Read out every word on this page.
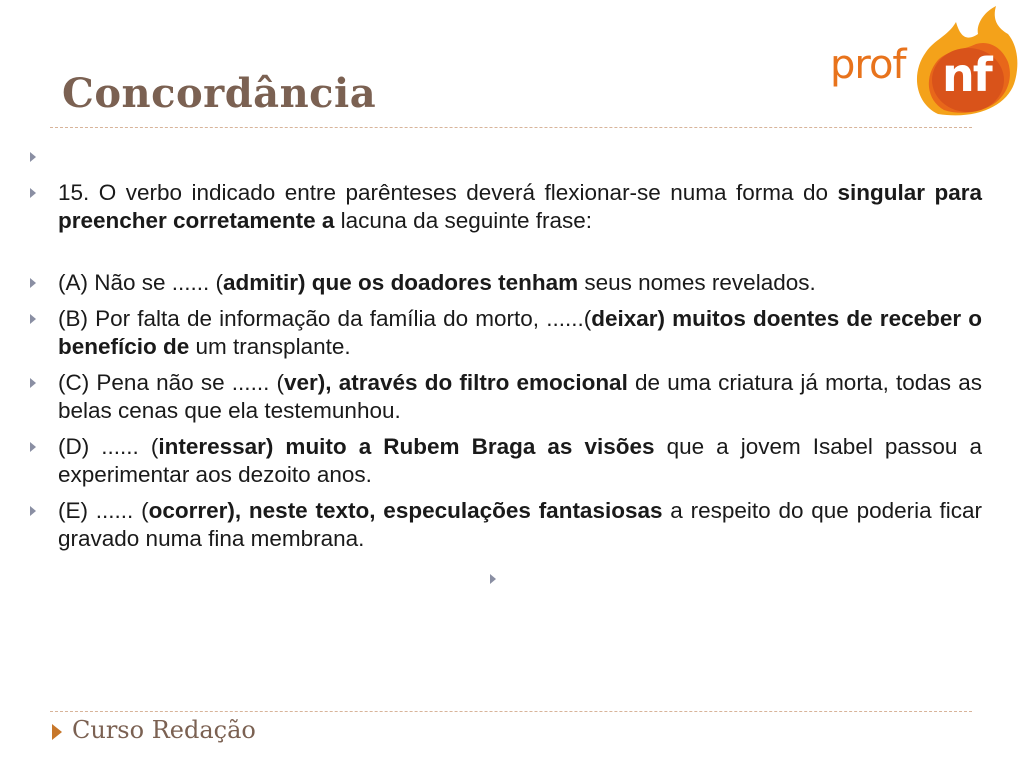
Concordância
prof nf
15. O verbo indicado entre parênteses deverá flexionar-se numa forma do singular para preencher corretamente a lacuna da seguinte frase:
(A) Não se ...... (admitir) que os doadores tenham seus nomes revelados.
(B) Por falta de informação da família do morto, ......(deixar) muitos doentes de receber o benefício de um transplante.
(C) Pena não se ...... (ver), através do filtro emocional de uma criatura já morta, todas as belas cenas que ela testemunhou.
(D) ...... (interessar) muito a Rubem Braga as visões que a jovem Isabel passou a experimentar aos dezoito anos.
(E) ...... (ocorrer), neste texto, especulações fantasiosas a respeito do que poderia ficar gravado numa fina membrana.
Curso Redação
